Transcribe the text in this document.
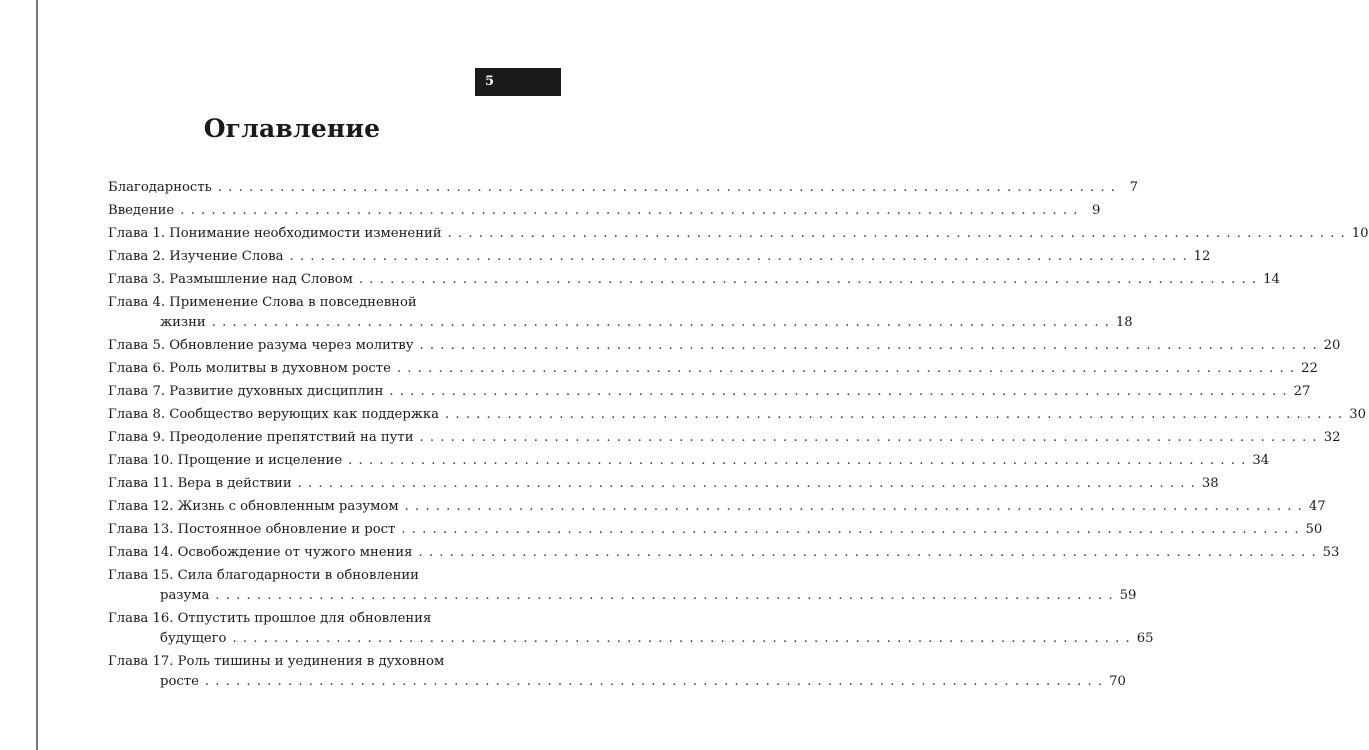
5
Оглавление
Благодарность . . . . . . . . . . . . . . . . . . . . . . . . . . . . . . . . . . . . . . . . . . . . . . . . . . . . . . . . . . . . . . . . . . . . . . . . . . . . . . . . . . . . . . .	7
Введение . . . . . . . . . . . . . . . . . . . . . . . . . . . . . . . . . . . . . . . . . . . . . . . . . . . . . . . . . . . . . . . . . . . . . . . . . . . . . . . . . . . . . . .	9
Глава 1. Понимание необходимости изменений . . . . . . . . . . . . . . . . . . . . . . . . . . . . . . . . . . . . . . . . . . . . . . . . . . . . . . . . . . . . . . . . . . . . . . . . . . . . . . . . . . . . . . . 10
Глава 2. Изучение Слова . . . . . . . . . . . . . . . . . . . . . . . . . . . . . . . . . . . . . . . . . . . . . . . . . . . . . . . . . . . . . . . . . . . . . . . . . . . . . . . . . . . . . . . 12
Глава 3. Размышление над Словом . . . . . . . . . . . . . . . . . . . . . . . . . . . . . . . . . . . . . . . . . . . . . . . . . . . . . . . . . . . . . . . . . . . . . . . . . . . . . . . . . . . . . . . 14
Глава 4. Применение Слова в повседневной
жизни . . . . . . . . . . . . . . . . . . . . . . . . . . . . . . . . . . . . . . . . . . . . . . . . . . . . . . . . . . . . . . . . . . . . . . . . . . . . . . . . . . . . . . . 18
Глава 5. Обновление разума через молитву . . . . . . . . . . . . . . . . . . . . . . . . . . . . . . . . . . . . . . . . . . . . . . . . . . . . . . . . . . . . . . . . . . . . . . . . . . . . . . . . . . . . . . . 20
Глава 6. Роль молитвы в духовном росте . . . . . . . . . . . . . . . . . . . . . . . . . . . . . . . . . . . . . . . . . . . . . . . . . . . . . . . . . . . . . . . . . . . . . . . . . . . . . . . . . . . . . . . 22
Глава 7. Развитие духовных дисциплин . . . . . . . . . . . . . . . . . . . . . . . . . . . . . . . . . . . . . . . . . . . . . . . . . . . . . . . . . . . . . . . . . . . . . . . . . . . . . . . . . . . . . . . 27
Глава 8. Сообщество верующих как поддержка . . . . . . . . . . . . . . . . . . . . . . . . . . . . . . . . . . . . . . . . . . . . . . . . . . . . . . . . . . . . . . . . . . . . . . . . . . . . . . . . . . . . . . . 30
Глава 9. Преодоление препятствий на пути . . . . . . . . . . . . . . . . . . . . . . . . . . . . . . . . . . . . . . . . . . . . . . . . . . . . . . . . . . . . . . . . . . . . . . . . . . . . . . . . . . . . . . . 32
Глава 10. Прощение и исцеление . . . . . . . . . . . . . . . . . . . . . . . . . . . . . . . . . . . . . . . . . . . . . . . . . . . . . . . . . . . . . . . . . . . . . . . . . . . . . . . . . . . . . . . 34
Глава 11. Вера в действии . . . . . . . . . . . . . . . . . . . . . . . . . . . . . . . . . . . . . . . . . . . . . . . . . . . . . . . . . . . . . . . . . . . . . . . . . . . . . . . . . . . . . . . 38
Глава 12. Жизнь с обновленным разумом . . . . . . . . . . . . . . . . . . . . . . . . . . . . . . . . . . . . . . . . . . . . . . . . . . . . . . . . . . . . . . . . . . . . . . . . . . . . . . . . . . . . . . . 47
Глава 13. Постоянное обновление и рост . . . . . . . . . . . . . . . . . . . . . . . . . . . . . . . . . . . . . . . . . . . . . . . . . . . . . . . . . . . . . . . . . . . . . . . . . . . . . . . . . . . . . . . 50
Глава 14. Освобождение от чужого мнения . . . . . . . . . . . . . . . . . . . . . . . . . . . . . . . . . . . . . . . . . . . . . . . . . . . . . . . . . . . . . . . . . . . . . . . . . . . . . . . . . . . . . . . 53
Глава 15. Сила благодарности в обновлении
разума . . . . . . . . . . . . . . . . . . . . . . . . . . . . . . . . . . . . . . . . . . . . . . . . . . . . . . . . . . . . . . . . . . . . . . . . . . . . . . . . . . . . . . . 59
Глава 16. Отпустить прошлое для обновления
будущего . . . . . . . . . . . . . . . . . . . . . . . . . . . . . . . . . . . . . . . . . . . . . . . . . . . . . . . . . . . . . . . . . . . . . . . . . . . . . . . . . . . . . . . 65
Глава 17. Роль тишины и уединения в духовном
росте . . . . . . . . . . . . . . . . . . . . . . . . . . . . . . . . . . . . . . . . . . . . . . . . . . . . . . . . . . . . . . . . . . . . . . . . . . . . . . . . . . . . . . . 70
